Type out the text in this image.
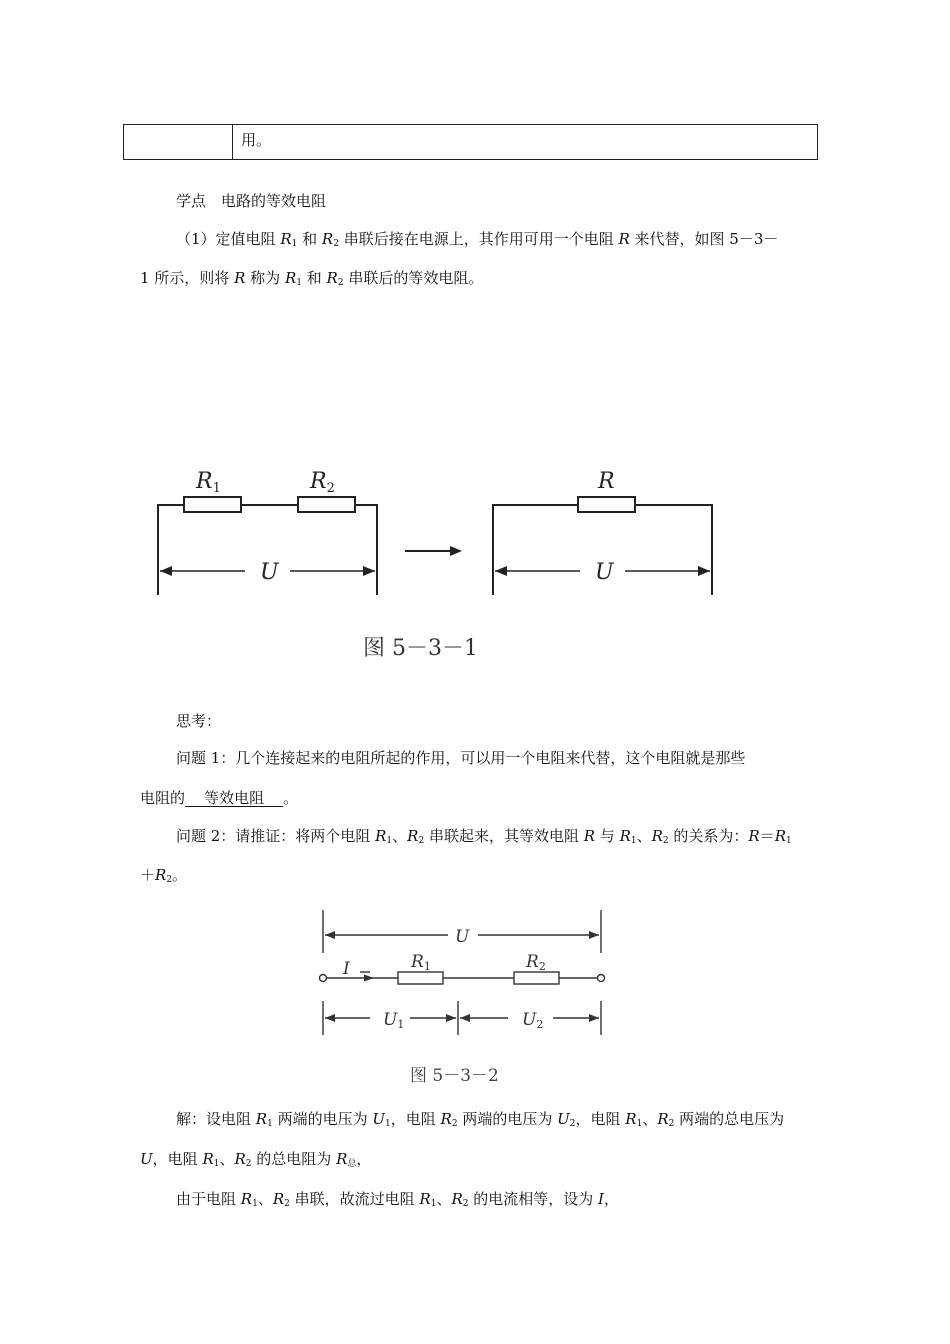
用。
学点　电路的等效电阻
（1）定值电阻 $R_1$ 和 $R_2$ 串联后接在电源上，其作用可用一个电阻 R 来代替，如图 5－3－
1 所示，则将 R 称为 $R_1$ 和 $R_2$ 串联后的等效电阻。
R1	R2	R
U	U
图 5－3－1
思考：
问题 1：几个连接起来的电阻所起的作用，可以用一个电阻来代替，这个电阻就是那些
电阻的    等效电阻    。
问题 2：请推证：将两个电阻 $R_1$、$R_2$ 串联起来，其等效电阻 R 与 $R_1$、$R_2$ 的关系为：$R=R_1$
$+R_2$。
U
I	R1	R2
U1	U2
图 5－3－2
解：设电阻 $R_1$ 两端的电压为 $U_1$，电阻 $R_2$ 两端的电压为 $U_2$，电阻 $R_1$、$R_2$ 两端的总电压为
U，电阻 $R_1$、$R_2$ 的总电阻为 $R_总$，
由于电阻 $R_1$、$R_2$ 串联，故流过电阻 $R_1$、$R_2$ 的电流相等，设为 I，
